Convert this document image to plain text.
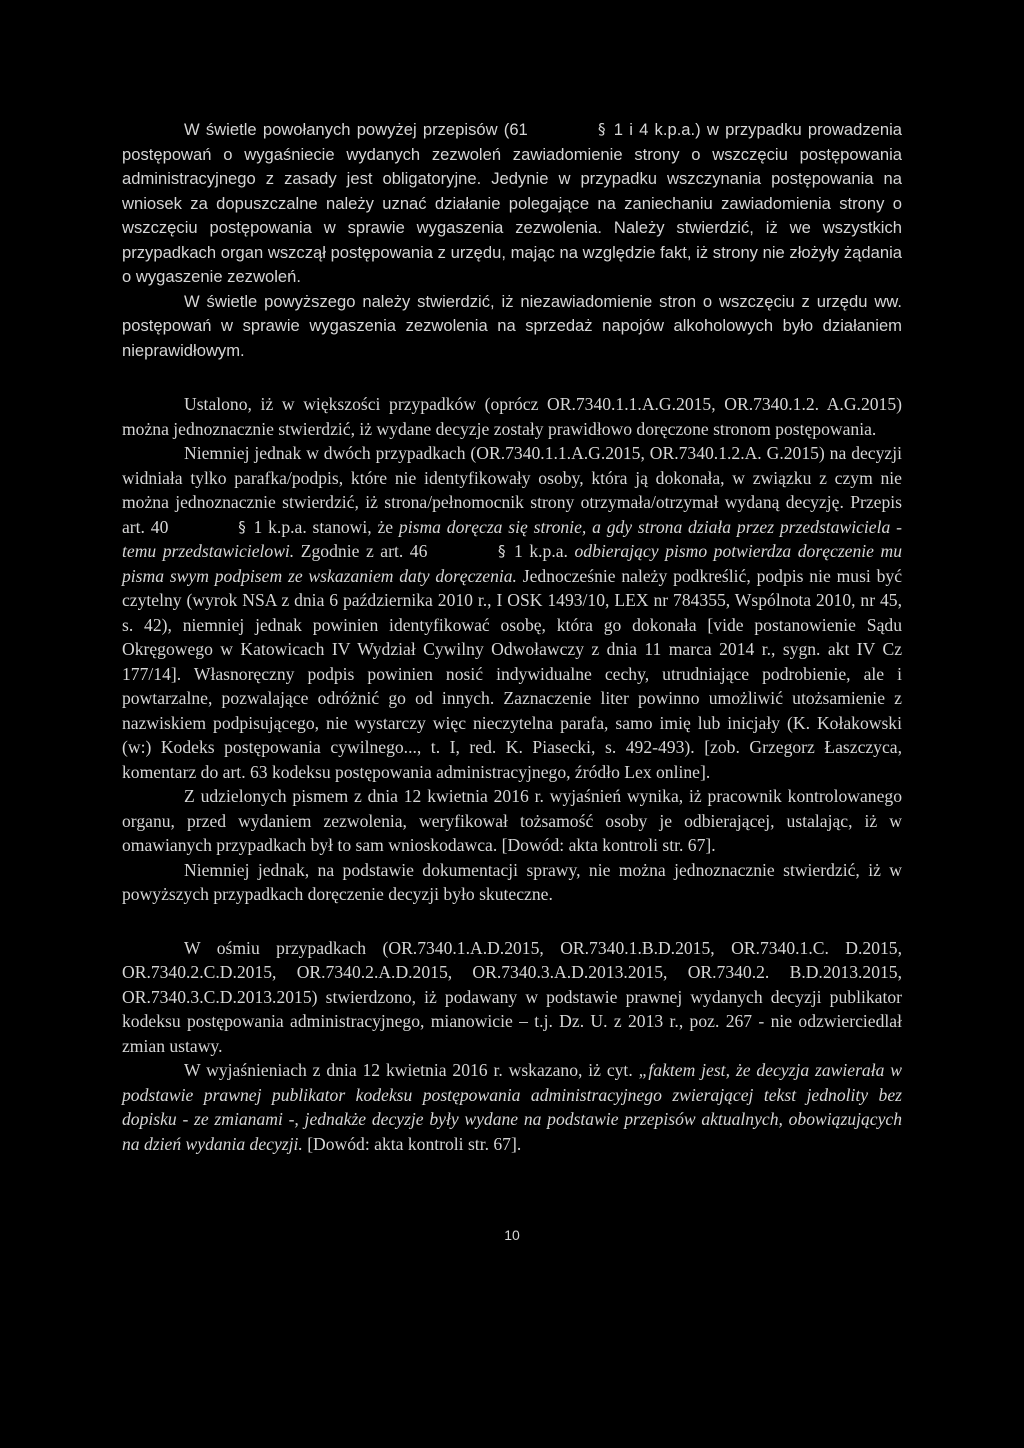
W świetle powołanych powyżej przepisów (61	§ 1 i 4 k.p.a.) w przypadku prowadzenia postępowań o wygaśniecie wydanych zezwoleń zawiadomienie strony o wszczęciu postępowania administracyjnego z zasady jest obligatoryjne. Jedynie w przypadku wszczynania postępowania na wniosek za dopuszczalne należy uznać działanie polegające na zaniechaniu zawiadomienia strony o wszczęciu postępowania w sprawie wygaszenia zezwolenia. Należy stwierdzić, iż we wszystkich przypadkach organ wszczął postępowania z urzędu, mając na względzie fakt, iż strony nie złożyły żądania o wygaszenie zezwoleń.

W świetle powyższego należy stwierdzić, iż niezawiadomienie stron o wszczęciu z urzędu ww. postępowań w sprawie wygaszenia zezwolenia na sprzedaż napojów alkoholowych było działaniem nieprawidłowym.

Ustalono, iż w większości przypadków (oprócz OR.7340.1.1.A.G.2015, OR.7340.1.2. A.G.2015) można jednoznacznie stwierdzić, iż wydane decyzje zostały prawidłowo doręczone stronom postępowania.

Niemniej jednak w dwóch przypadkach (OR.7340.1.1.A.G.2015, OR.7340.1.2.A. G.2015) na decyzji widniała tylko parafka/podpis, które nie identyfikowały osoby, która ją dokonała, w związku z czym nie można jednoznacznie stwierdzić, iż strona/pełnomocnik strony otrzymała/otrzymał wydaną decyzję. Przepis art. 40	§ 1 k.p.a. stanowi, że pisma doręcza się stronie, a gdy strona działa przez przedstawiciela - temu przedstawicielowi. Zgodnie z art. 46	§ 1 k.p.a. odbierający pismo potwierdza doręczenie mu pisma swym podpisem ze wskazaniem daty doręczenia. Jednocześnie należy podkreślić, podpis nie musi być czytelny (wyrok NSA z dnia 6 października 2010 r., I OSK 1493/10, LEX nr 784355, Wspólnota 2010, nr 45, s. 42), niemniej jednak powinien identyfikować osobę, która go dokonała [vide postanowienie Sądu Okręgowego w Katowicach IV Wydział Cywilny Odwoławczy z dnia 11 marca 2014 r., sygn. akt IV Cz 177/14]. Własnoręczny podpis powinien nosić indywidualne cechy, utrudniające podrobienie, ale i powtarzalne, pozwalające odróżnić go od innych. Zaznaczenie liter powinno umożliwić utożsamienie z nazwiskiem podpisującego, nie wystarczy więc nieczytelna parafa, samo imię lub inicjały (K. Kołakowski (w:) Kodeks postępowania cywilnego..., t. I, red. K. Piasecki, s. 492-493). [zob. Grzegorz Łaszczyca, komentarz do art. 63 kodeksu postępowania administracyjnego, źródło Lex online].

Z udzielonych pismem z dnia 12 kwietnia 2016 r. wyjaśnień wynika, iż pracownik kontrolowanego organu, przed wydaniem zezwolenia, weryfikował tożsamość osoby je odbierającej, ustalając, iż w omawianych przypadkach był to sam wnioskodawca. [Dowód: akta kontroli str. 67].

Niemniej jednak, na podstawie dokumentacji sprawy, nie można jednoznacznie stwierdzić, iż w powyższych przypadkach doręczenie decyzji było skuteczne.

W ośmiu przypadkach (OR.7340.1.A.D.2015, OR.7340.1.B.D.2015, OR.7340.1.C. D.2015, OR.7340.2.C.D.2015, OR.7340.2.A.D.2015, OR.7340.3.A.D.2013.2015, OR.7340.2. B.D.2013.2015, OR.7340.3.C.D.2013.2015) stwierdzono, iż podawany w podstawie prawnej wydanych decyzji publikator kodeksu postępowania administracyjnego, mianowicie – t.j. Dz. U. z 2013 r., poz. 267 - nie odzwierciedlał zmian ustawy.

W wyjaśnieniach z dnia 12 kwietnia 2016 r. wskazano, iż cyt. „faktem jest, że decyzja zawierała w podstawie prawnej publikator kodeksu postępowania administracyjnego zwierającej tekst jednolity bez dopisku - ze zmianami -, jednakże decyzje były wydane na podstawie przepisów aktualnych, obowiązujących na dzień wydania decyzji. [Dowód: akta kontroli str. 67].

10
